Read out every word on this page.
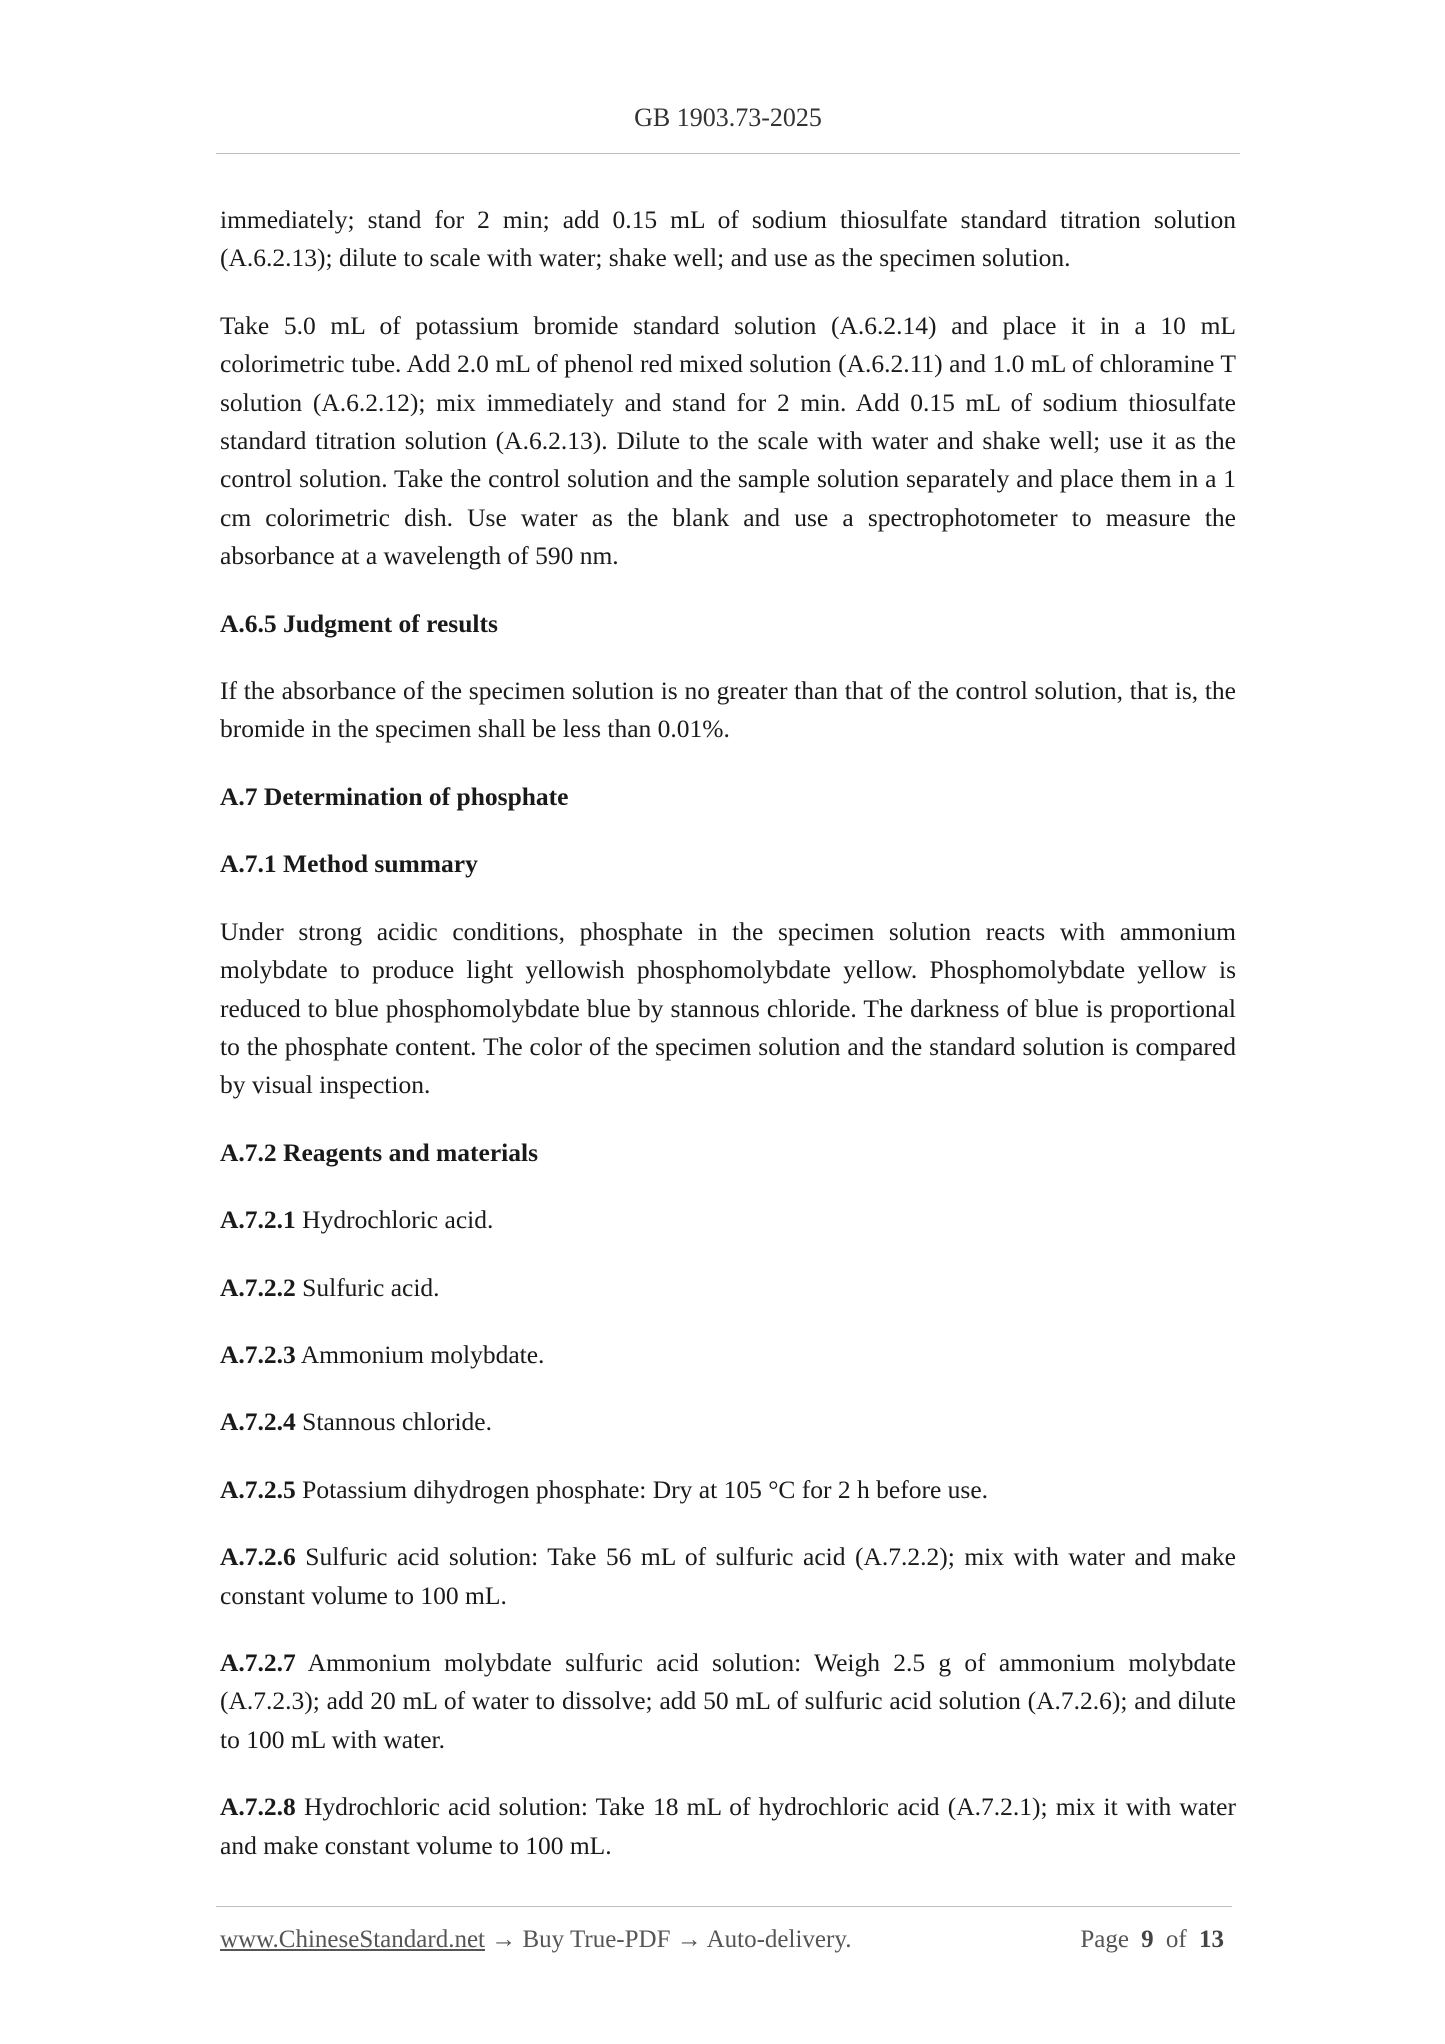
GB 1903.73-2025

immediately; stand for 2 min; add 0.15 mL of sodium thiosulfate standard titration solution (A.6.2.13); dilute to scale with water; shake well; and use as the specimen solution.

Take 5.0 mL of potassium bromide standard solution (A.6.2.14) and place it in a 10 mL colorimetric tube. Add 2.0 mL of phenol red mixed solution (A.6.2.11) and 1.0 mL of chloramine T solution (A.6.2.12); mix immediately and stand for 2 min. Add 0.15 mL of sodium thiosulfate standard titration solution (A.6.2.13). Dilute to the scale with water and shake well; use it as the control solution. Take the control solution and the sample solution separately and place them in a 1 cm colorimetric dish. Use water as the blank and use a spectrophotometer to measure the absorbance at a wavelength of 590 nm.

A.6.5 Judgment of results

If the absorbance of the specimen solution is no greater than that of the control solution, that is, the bromide in the specimen shall be less than 0.01%.

A.7 Determination of phosphate

A.7.1 Method summary

Under strong acidic conditions, phosphate in the specimen solution reacts with ammonium molybdate to produce light yellowish phosphomolybdate yellow. Phosphomolybdate yellow is reduced to blue phosphomolybdate blue by stannous chloride. The darkness of blue is proportional to the phosphate content. The color of the specimen solution and the standard solution is compared by visual inspection.

A.7.2 Reagents and materials

A.7.2.1 Hydrochloric acid.

A.7.2.2 Sulfuric acid.

A.7.2.3 Ammonium molybdate.

A.7.2.4 Stannous chloride.

A.7.2.5 Potassium dihydrogen phosphate: Dry at 105 °C for 2 h before use.

A.7.2.6 Sulfuric acid solution: Take 56 mL of sulfuric acid (A.7.2.2); mix with water and make constant volume to 100 mL.

A.7.2.7 Ammonium molybdate sulfuric acid solution: Weigh 2.5 g of ammonium molybdate (A.7.2.3); add 20 mL of water to dissolve; add 50 mL of sulfuric acid solution (A.7.2.6); and dilute to 100 mL with water.

A.7.2.8 Hydrochloric acid solution: Take 18 mL of hydrochloric acid (A.7.2.1); mix it with water and make constant volume to 100 mL.

www.ChineseStandard.net → Buy True-PDF → Auto-delivery.	Page 9 of 13
